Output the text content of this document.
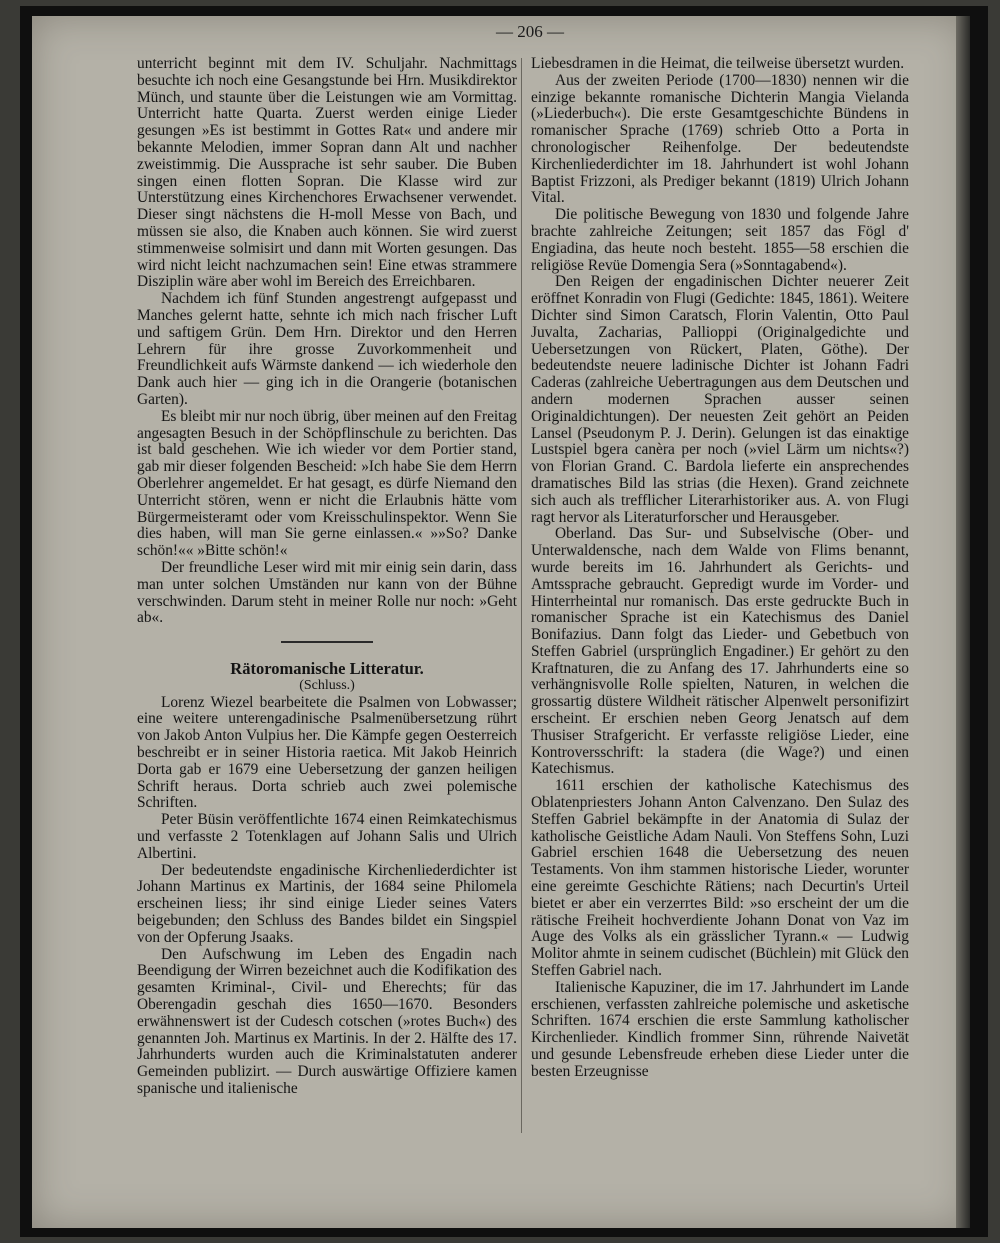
— 206 —

unterricht beginnt mit dem IV. Schuljahr. Nachmittags besuchte ich noch eine Gesangstunde bei Hrn. Musikdirektor Münch, und staunte über die Leistungen wie am Vormittag. Unterricht hatte Quarta. Zuerst werden einige Lieder gesungen »Es ist bestimmt in Gottes Rat« und andere mir bekannte Melodien, immer Sopran dann Alt und nachher zweistimmig. Die Aussprache ist sehr sauber. Die Buben singen einen flotten Sopran. Die Klasse wird zur Unterstützung eines Kirchenchores Erwachsener verwendet. Dieser singt nächstens die H-moll Messe von Bach, und müssen sie also, die Knaben auch können. Sie wird zuerst stimmenweise solmisirt und dann mit Worten gesungen. Das wird nicht leicht nachzumachen sein! Eine etwas strammere Disziplin wäre aber wohl im Bereich des Erreichbaren.

Nachdem ich fünf Stunden angestrengt aufgepasst und Manches gelernt hatte, sehnte ich mich nach frischer Luft und saftigem Grün. Dem Hrn. Direktor und den Herren Lehrern für ihre grosse Zuvorkommenheit und Freundlichkeit aufs Wärmste dankend — ich wiederhole den Dank auch hier — ging ich in die Orangerie (botanischen Garten).

Es bleibt mir nur noch übrig, über meinen auf den Freitag angesagten Besuch in der Schöpflinschule zu berichten. Das ist bald geschehen. Wie ich wieder vor dem Portier stand, gab mir dieser folgenden Bescheid: »Ich habe Sie dem Herrn Oberlehrer angemeldet. Er hat gesagt, es dürfe Niemand den Unterricht stören, wenn er nicht die Erlaubnis hätte vom Bürgermeisteramt oder vom Kreisschulinspektor. Wenn Sie dies haben, will man Sie gerne einlassen.« »»So? Danke schön!«« »Bitte schön!«

Der freundliche Leser wird mit mir einig sein darin, dass man unter solchen Umständen nur kann von der Bühne verschwinden. Darum steht in meiner Rolle nur noch: »Geht ab«.

Rätoromanische Litteratur.

(Schluss.)

Lorenz Wiezel bearbeitete die Psalmen von Lobwasser; eine weitere unterengadinische Psalmenübersetzung rührt von Jakob Anton Vulpius her. Die Kämpfe gegen Oesterreich beschreibt er in seiner Historia raetica. Mit Jakob Heinrich Dorta gab er 1679 eine Uebersetzung der ganzen heiligen Schrift heraus. Dorta schrieb auch zwei polemische Schriften.

Peter Büsin veröffentlichte 1674 einen Reimkatechismus und verfasste 2 Totenklagen auf Johann Salis und Ulrich Albertini.

Der bedeutendste engadinische Kirchenliederdichter ist Johann Martinus ex Martinis, der 1684 seine Philomela erscheinen liess; ihr sind einige Lieder seines Vaters beigebunden; den Schluss des Bandes bildet ein Singspiel von der Opferung Jsaaks.

Den Aufschwung im Leben des Engadin nach Beendigung der Wirren bezeichnet auch die Kodifikation des gesamten Kriminal-, Civil- und Eherechts; für das Oberengadin geschah dies 1650—1670. Besonders erwähnenswert ist der Cudesch cotschen (»rotes Buch«) des genannten Joh. Martinus ex Martinis. In der 2. Hälfte des 17. Jahrhunderts wurden auch die Kriminalstatuten anderer Gemeinden publizirt. — Durch auswärtige Offiziere kamen spanische und italienische

Liebesdramen in die Heimat, die teilweise übersetzt wurden.

Aus der zweiten Periode (1700—1830) nennen wir die einzige bekannte romanische Dichterin Mangia Vielanda (»Liederbuch«). Die erste Gesamtgeschichte Bündens in romanischer Sprache (1769) schrieb Otto a Porta in chronologischer Reihenfolge. Der bedeutendste Kirchenliederdichter im 18. Jahrhundert ist wohl Johann Baptist Frizzoni, als Prediger bekannt (1819) Ulrich Johann Vital.

Die politische Bewegung von 1830 und folgende Jahre brachte zahlreiche Zeitungen; seit 1857 das Fögl d' Engiadina, das heute noch besteht. 1855—58 erschien die religiöse Revüe Domengia Sera (»Sonntagabend«).

Den Reigen der engadinischen Dichter neuerer Zeit eröffnet Konradin von Flugi (Gedichte: 1845, 1861). Weitere Dichter sind Simon Caratsch, Florin Valentin, Otto Paul Juvalta, Zacharias, Pallioppi (Originalgedichte und Uebersetzungen von Rückert, Platen, Göthe). Der bedeutendste neuere ladinische Dichter ist Johann Fadri Caderas (zahlreiche Uebertragungen aus dem Deutschen und andern modernen Sprachen ausser seinen Originaldichtungen). Der neuesten Zeit gehört an Peiden Lansel (Pseudonym P. J. Derin). Gelungen ist das einaktige Lustspiel bgera canèra per noch (»viel Lärm um nichts«?) von Florian Grand. C. Bardola lieferte ein ansprechendes dramatisches Bild las strias (die Hexen). Grand zeichnete sich auch als trefflicher Literarhistoriker aus. A. von Flugi ragt hervor als Literaturforscher und Herausgeber.

Oberland. Das Sur- und Subselvische (Ober- und Unterwaldensche, nach dem Walde von Flims benannt, wurde bereits im 16. Jahrhundert als Gerichts- und Amtssprache gebraucht. Gepredigt wurde im Vorder- und Hinterrheintal nur romanisch. Das erste gedruckte Buch in romanischer Sprache ist ein Katechismus des Daniel Bonifazius. Dann folgt das Lieder- und Gebetbuch von Steffen Gabriel (ursprünglich Engadiner.) Er gehört zu den Kraftnaturen, die zu Anfang des 17. Jahrhunderts eine so verhängnisvolle Rolle spielten, Naturen, in welchen die grossartig düstere Wildheit rätischer Alpenwelt personifizirt erscheint. Er erschien neben Georg Jenatsch auf dem Thusiser Strafgericht. Er verfasste religiöse Lieder, eine Kontroversschrift: la stadera (die Wage?) und einen Katechismus.

1611 erschien der katholische Katechismus des Oblatenpriesters Johann Anton Calvenzano. Den Sulaz des Steffen Gabriel bekämpfte in der Anatomia di Sulaz der katholische Geistliche Adam Nauli. Von Steffens Sohn, Luzi Gabriel erschien 1648 die Uebersetzung des neuen Testaments. Von ihm stammen historische Lieder, worunter eine gereimte Geschichte Rätiens; nach Decurtin's Urteil bietet er aber ein verzerrtes Bild: »so erscheint der um die rätische Freiheit hochverdiente Johann Donat von Vaz im Auge des Volks als ein grässlicher Tyrann.« — Ludwig Molitor ahmte in seinem cudischet (Büchlein) mit Glück den Steffen Gabriel nach.

Italienische Kapuziner, die im 17. Jahrhundert im Lande erschienen, verfassten zahlreiche polemische und asketische Schriften. 1674 erschien die erste Sammlung katholischer Kirchenlieder. Kindlich frommer Sinn, rührende Naivetät und gesunde Lebensfreude erheben diese Lieder unter die besten Erzeugnisse
